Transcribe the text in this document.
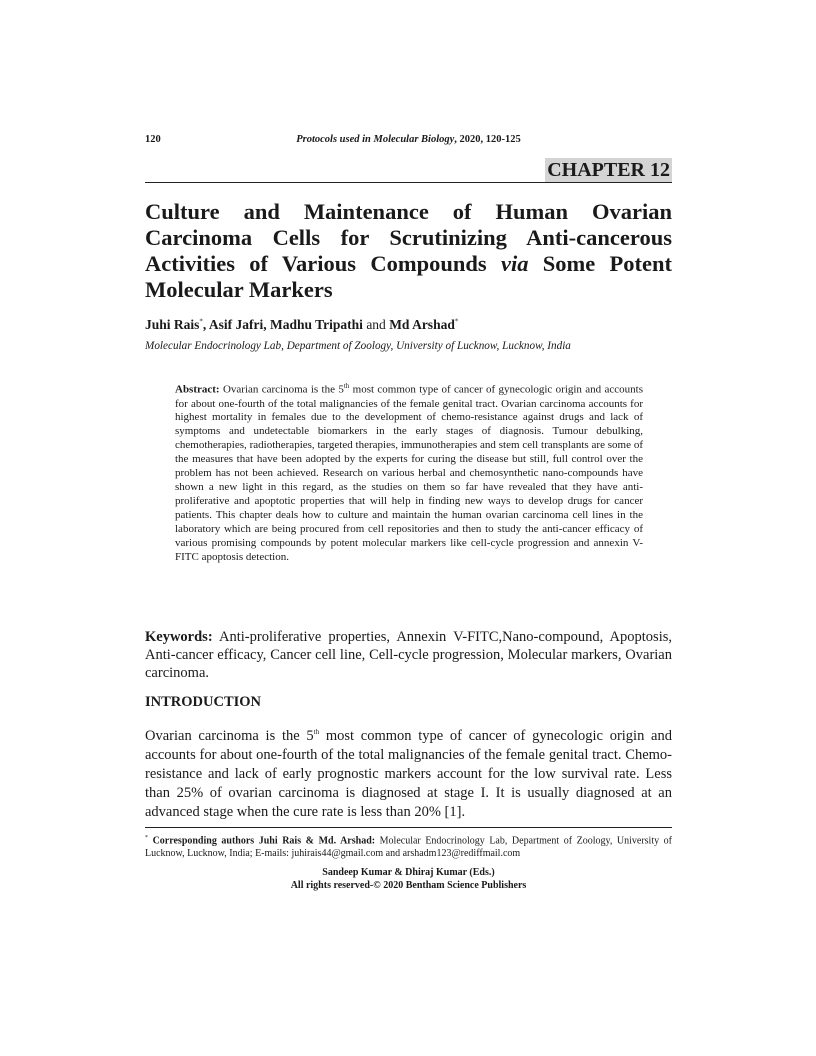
120	Protocols used in Molecular Biology, 2020, 120-125
CHAPTER 12
Culture and Maintenance of Human Ovarian
Carcinoma Cells for Scrutinizing Anti-cancerous
Activities of Various Compounds via Some Potent
Molecular Markers
Juhi Rais*, Asif Jafri, Madhu Tripathi and Md Arshad*
Molecular Endocrinology Lab, Department of Zoology, University of Lucknow, Lucknow, India
Abstract: Ovarian carcinoma is the 5th most common type of cancer of gynecologic origin and accounts for about one-fourth of the total malignancies of the female genital tract. Ovarian carcinoma accounts for highest mortality in females due to the development of chemo-resistance against drugs and lack of symptoms and undetectable biomarkers in the early stages of diagnosis. Tumour debulking, chemotherapies, radiotherapies, targeted therapies, immunotherapies and stem cell transplants are some of the measures that have been adopted by the experts for curing the disease but still, full control over the problem has not been achieved. Research on various herbal and chemosynthetic nano-compounds have shown a new light in this regard, as the studies on them so far have revealed that they have anti-proliferative and apoptotic properties that will help in finding new ways to develop drugs for cancer patients. This chapter deals how to culture and maintain the human ovarian carcinoma cell lines in the laboratory which are being procured from cell repositories and then to study the anti-cancer efficacy of various promising compounds by potent molecular markers like cell-cycle progression and annexin V- FITC apoptosis detection.
Keywords: Anti-proliferative properties, Annexin V-FITC,Nano-compound, Apoptosis, Anti-cancer efficacy, Cancer cell line, Cell-cycle progression, Molecular markers, Ovarian carcinoma.
INTRODUCTION
Ovarian carcinoma is the 5th most common type of cancer of gynecologic origin and accounts for about one-fourth of the total malignancies of the female genital tract. Chemo-resistance and lack of early prognostic markers account for the low survival rate. Less than 25% of ovarian carcinoma is diagnosed at stage I. It is usually diagnosed at an advanced stage when the cure rate is less than 20% [1].
* Corresponding authors Juhi Rais & Md. Arshad: Molecular Endocrinology Lab, Department of Zoology, University of Lucknow, Lucknow, India; E-mails: juhirais44@gmail.com and arshadm123@rediffmail.com
Sandeep Kumar & Dhiraj Kumar (Eds.)
All rights reserved-© 2020 Bentham Science Publishers
